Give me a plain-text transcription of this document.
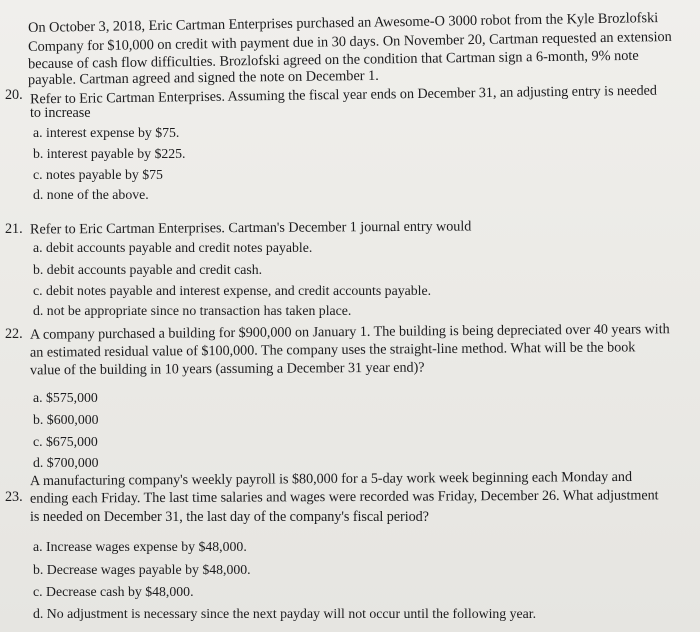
On October 3, 2018, Eric Cartman Enterprises purchased an Awesome-O 3000 robot from the Kyle Brozlofski
Company for $10,000 on credit with payment due in 30 days. On November 20, Cartman requested an extension
because of cash flow difficulties. Brozlofski agreed on the condition that Cartman sign a 6-month, 9% note
payable. Cartman agreed and signed the note on December 1.
20. Refer to Eric Cartman Enterprises. Assuming the fiscal year ends on December 31, an adjusting entry is needed
to increase
a. interest expense by $75.
b. interest payable by $225.
c. notes payable by $75
d. none of the above.
21. Refer to Eric Cartman Enterprises. Cartman's December 1 journal entry would
a. debit accounts payable and credit notes payable.
b. debit accounts payable and credit cash.
c. debit notes payable and interest expense, and credit accounts payable.
d. not be appropriate since no transaction has taken place.
22. A company purchased a building for $900,000 on January 1. The building is being depreciated over 40 years with
an estimated residual value of $100,000. The company uses the straight-line method. What will be the book
value of the building in 10 years (assuming a December 31 year end)?
a. $575,000
b. $600,000
c. $675,000
d. $700,000
23.
A manufacturing company's weekly payroll is $80,000 for a 5-day work week beginning each Monday and
ending each Friday. The last time salaries and wages were recorded was Friday, December 26. What adjustment
is needed on December 31, the last day of the company's fiscal period?
a. Increase wages expense by $48,000.
b. Decrease wages payable by $48,000.
c. Decrease cash by $48,000.
d. No adjustment is necessary since the next payday will not occur until the following year.
